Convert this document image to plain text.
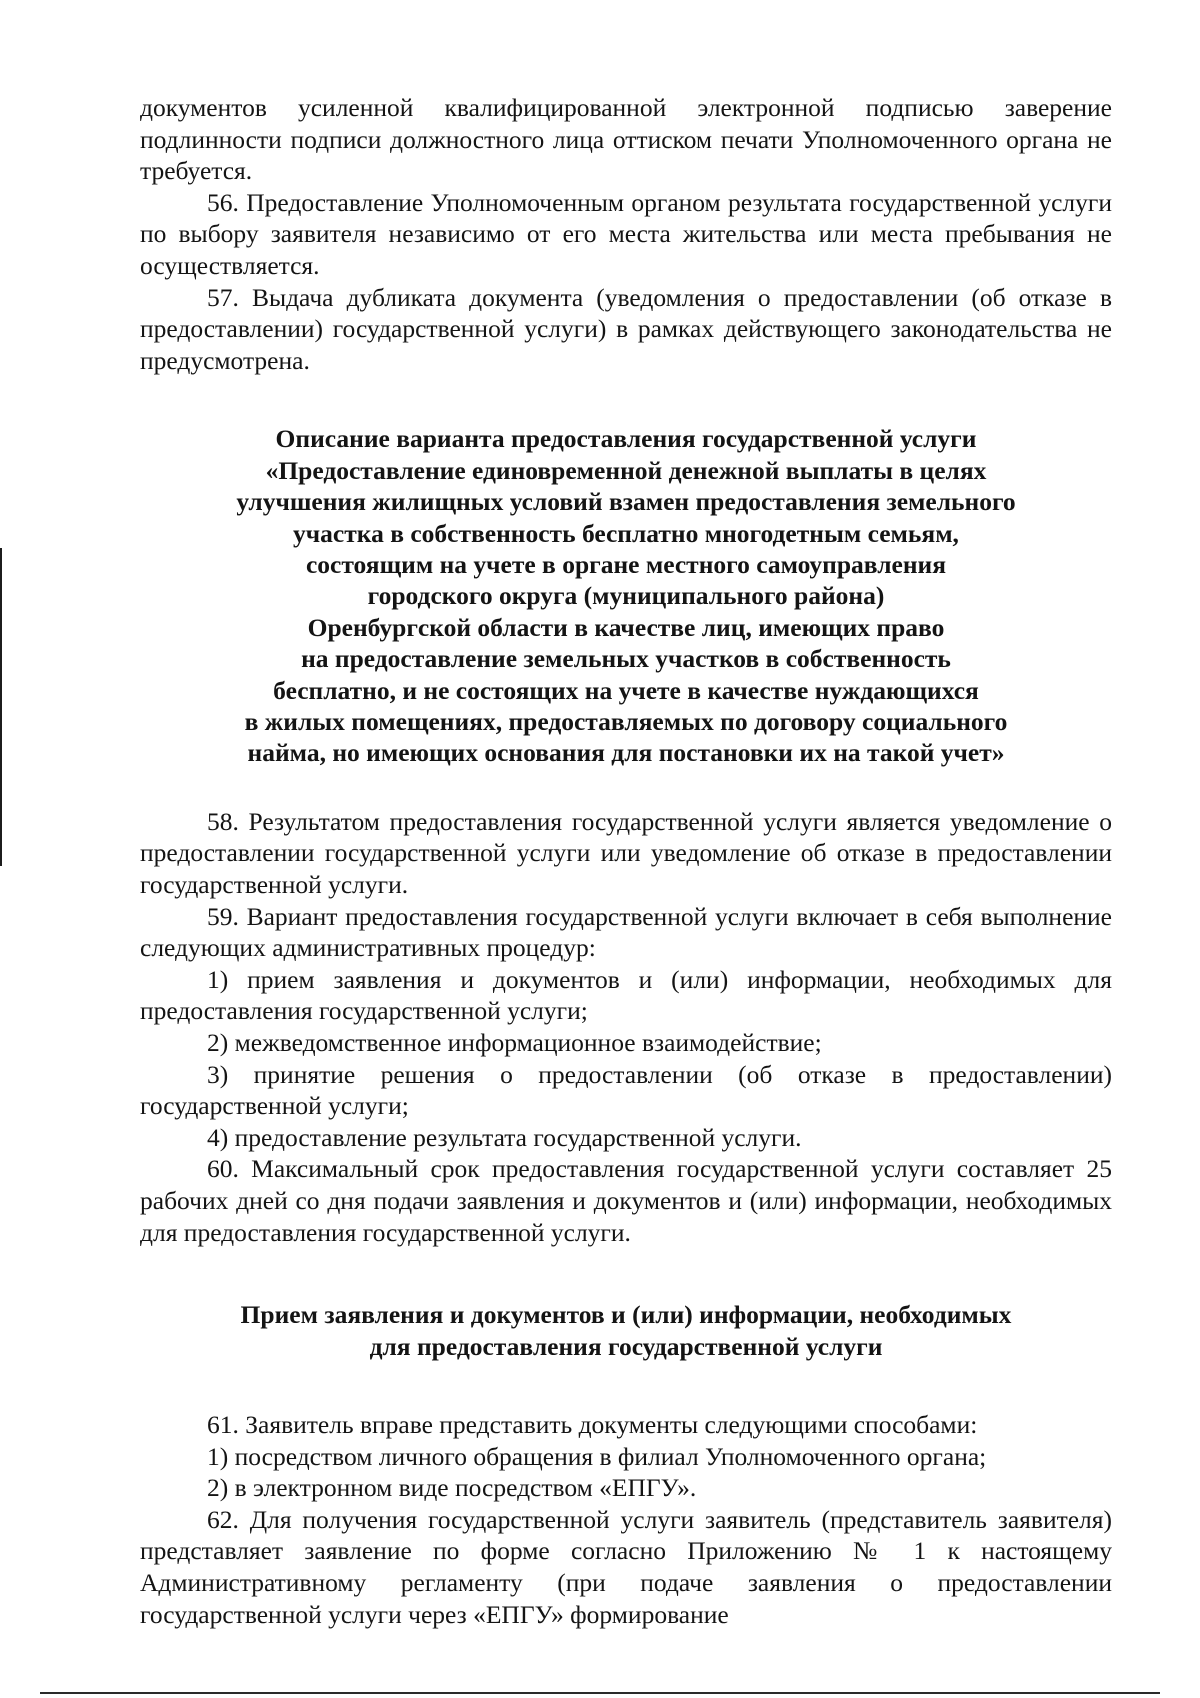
документов усиленной квалифицированной электронной подписью заверение подлинности подписи должностного лица оттиском печати Уполномоченного органа не требуется.

56. Предоставление Уполномоченным органом результата государственной услуги по выбору заявителя независимо от его места жительства или места пребывания не осуществляется.

57. Выдача дубликата документа (уведомления о предоставлении (об отказе в предоставлении) государственной услуги) в рамках действующего законодательства не предусмотрена.

Описание варианта предоставления государственной услуги

«Предоставление единовременной денежной выплаты в целях

улучшения жилищных условий взамен предоставления земельного

участка в собственность бесплатно многодетным семьям,

состоящим на учете в органе местного самоуправления

городского округа (муниципального района)

Оренбургской области в качестве лиц, имеющих право

на предоставление земельных участков в собственность

бесплатно, и не состоящих на учете в качестве нуждающихся

в жилых помещениях, предоставляемых по договору социального

найма, но имеющих основания для постановки их на такой учет»

58. Результатом предоставления государственной услуги является уведомление о предоставлении государственной услуги или уведомление об отказе в предоставлении государственной услуги.

59. Вариант предоставления государственной услуги включает в себя выполнение следующих административных процедур:

1) прием заявления и документов и (или) информации, необходимых для предоставления государственной услуги;

2) межведомственное информационное взаимодействие;

3) принятие решения о предоставлении (об отказе в предоставлении) государственной услуги;

4) предоставление результата государственной услуги.

60. Максимальный срок предоставления государственной услуги составляет 25 рабочих дней со дня подачи заявления и документов и (или) информации, необходимых для предоставления государственной услуги.

Прием заявления и документов и (или) информации, необходимых

для предоставления государственной услуги

61. Заявитель вправе представить документы следующими способами:

1) посредством личного обращения в филиал Уполномоченного органа;

2) в электронном виде посредством «ЕПГУ».

62. Для получения государственной услуги заявитель (представитель заявителя) представляет заявление по форме согласно Приложению № 1 к настоящему Административному регламенту (при подаче заявления о предоставлении государственной услуги через «ЕПГУ» формирование
